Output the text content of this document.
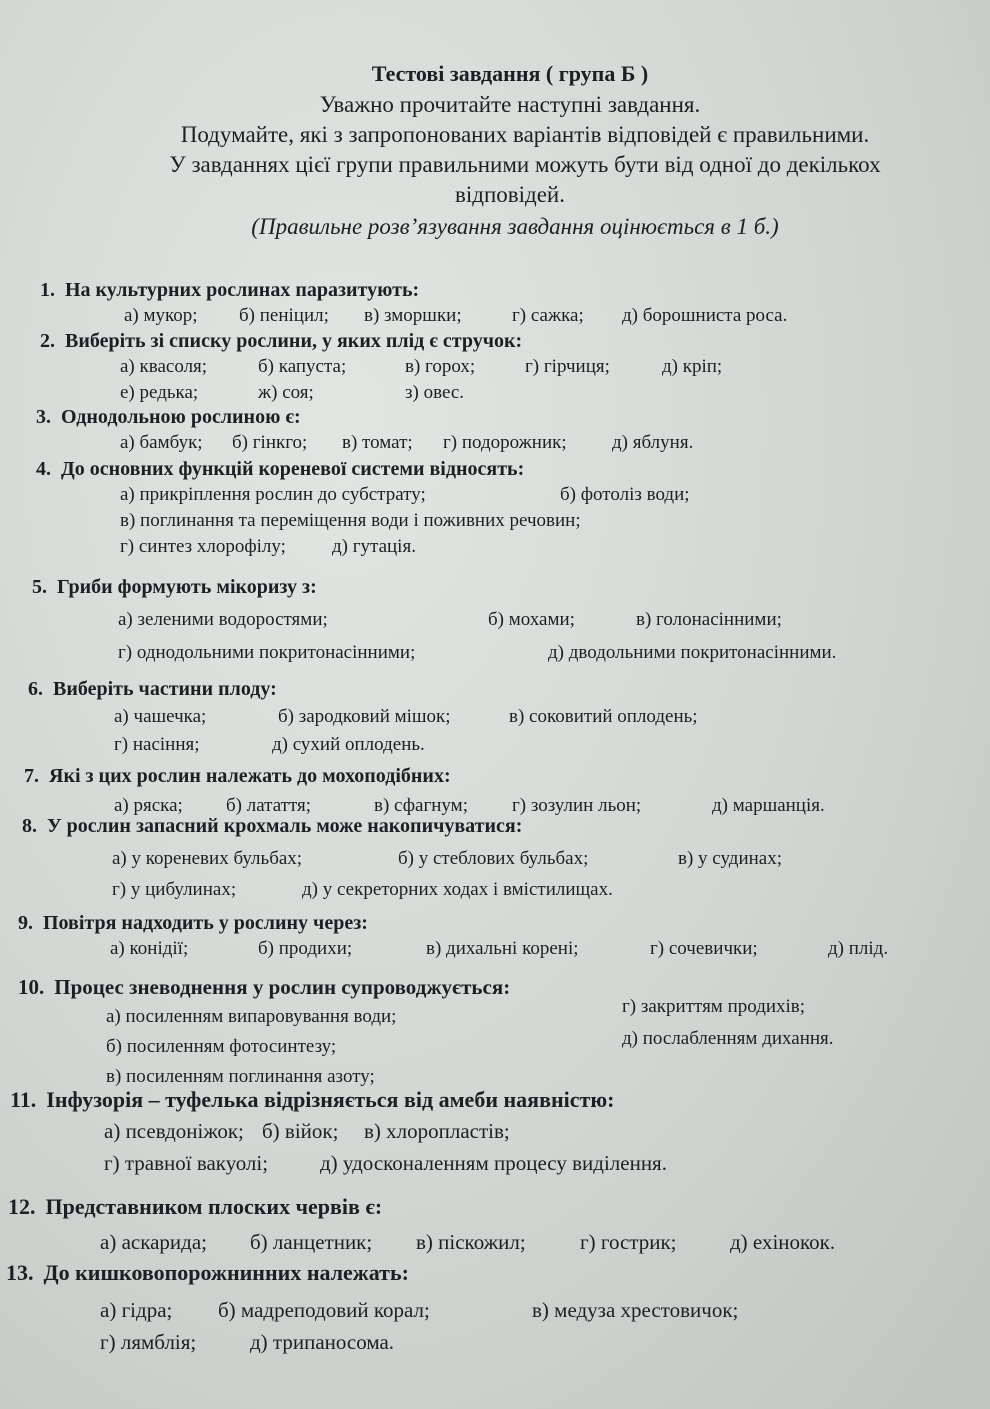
Тестові завдання ( група Б )
Уважно прочитайте наступні завдання.
Подумайте, які з запропонованих варіантів відповідей є правильними.
У завданнях цієї групи правильними можуть бути від одної до декількох
відповідей.
(Правильне розв’язування завдання оцінюється в 1 б.)
1. На культурних рослинах паразитують:
а) мукор; б) пеніцил; в) зморшки;	г) сажка; д) борошниста роса.
2. Виберіть зі списку рослини, у яких плід є стручок:
а) квасоля;	б) капуста;	в) горох;	г) гірчиця;	д) кріп;
е) редька;	ж) соя;	з) овес.
3. Однодольною рослиною є:
а) бамбук; б) гінкго; в) томат; г) подорожник; д) яблуня.
4. До основних функцій кореневої системи відносять:
а) прикріплення рослин до субстрату;	б) фотоліз води;
в) поглинання та переміщення води і поживних речовин;
г) синтез хлорофілу; д) гутація.
5. Гриби формують мікоризу з:
а) зеленими водоростями;	б) мохами;	в) голонасінними;
г) однодольними покритонасінними;	д) дводольними покритонасінними.
6. Виберіть частини плоду:
а) чашечка;	б) зародковий мішок;	в) соковитий оплодень;
г) насіння;	д) сухий оплодень.
7. Які з цих рослин належать до мохоподібних:
а) ряска; б) латаття;	в) сфагнум; г) зозулин льон;	д) маршанція.
8. У рослин запасний крохмаль може накопичуватися:
а) у кореневих бульбах;	б) у стеблових бульбах;	в) у судинах;
г) у цибулинах;	д) у секреторних ходах і вмістилищах.
9. Повітря надходить у рослину через:
а) конідії;	б) продихи;	в) дихальні корені;	г) сочевички;	д) плід.
10. Процес зневоднення у рослин супроводжується:
а) посиленням випаровування води;	г) закриттям продихів;
б) посиленням фотосинтезу;	д) послабленням дихання.
в) посиленням поглинання азоту;
11. Інфузорія – туфелька відрізняється від амеби наявністю:
а) псевдоніжок; б) війок; в) хлоропластів;
г) травної вакуолі; д) удосконаленням процесу виділення.
12. Представником плоских червів є:
а) аскарида; б) ланцетник; в) піскожил;	г) гострик;	д) ехінокок.
13. До кишковопорожнинних належать:
а) гідра; б) мадреподовий корал;	в) медуза хрестовичок;
г) лямблія;	д) трипаносома.
